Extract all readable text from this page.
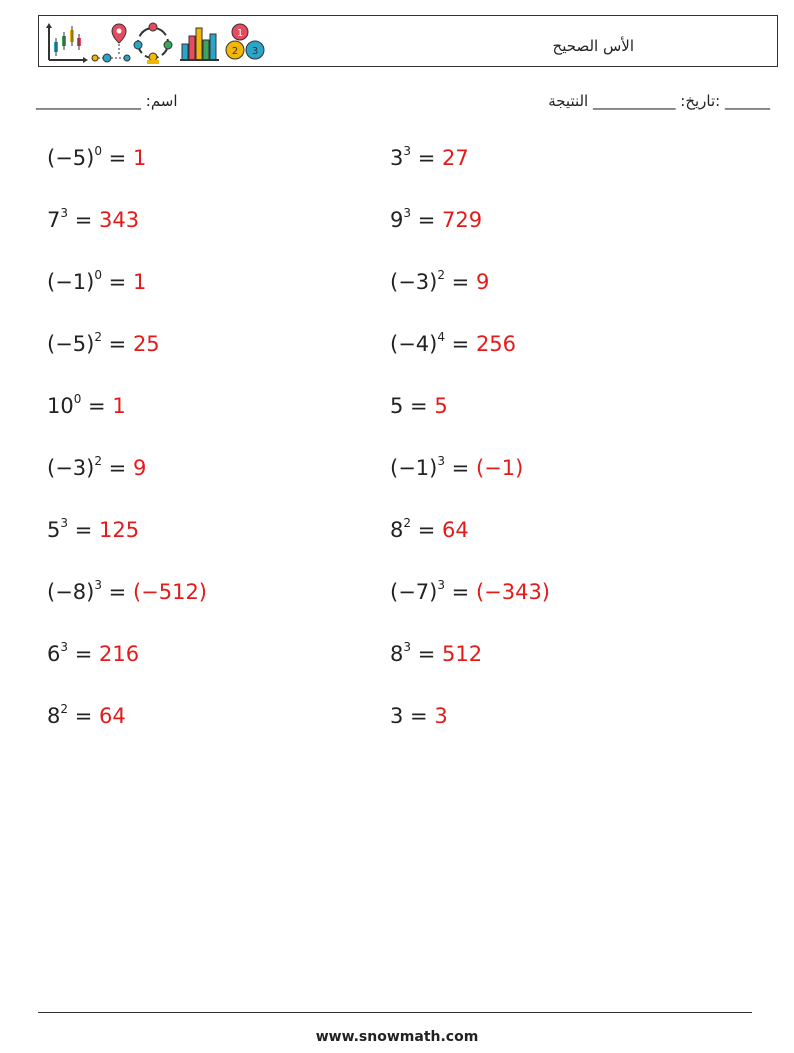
1
2 3	الأس الصحيح
اسم: ______________	______ :تاريخ: ___________ النتيجة
$(-5)^0 = 1$	$3^3 = 27$
$7^3 = 343$	$9^3 = 729$
$(-1)^0 = 1$	$(-3)^2 = 9$
$(-5)^2 = 25$	$(-4)^4 = 256$
$10^0 = 1$	5 = 5
$(-3)^2 = 9$	$(-1)^3 = (-1)$
$5^3 = 125$	$8^2 = 64$
$(-8)^3 = (-512)$	$(-7)^3 = (-343)$
$6^3 = 216$	$8^3 = 512$
$8^2 = 64$	3 = 3
www.snowmath.com
